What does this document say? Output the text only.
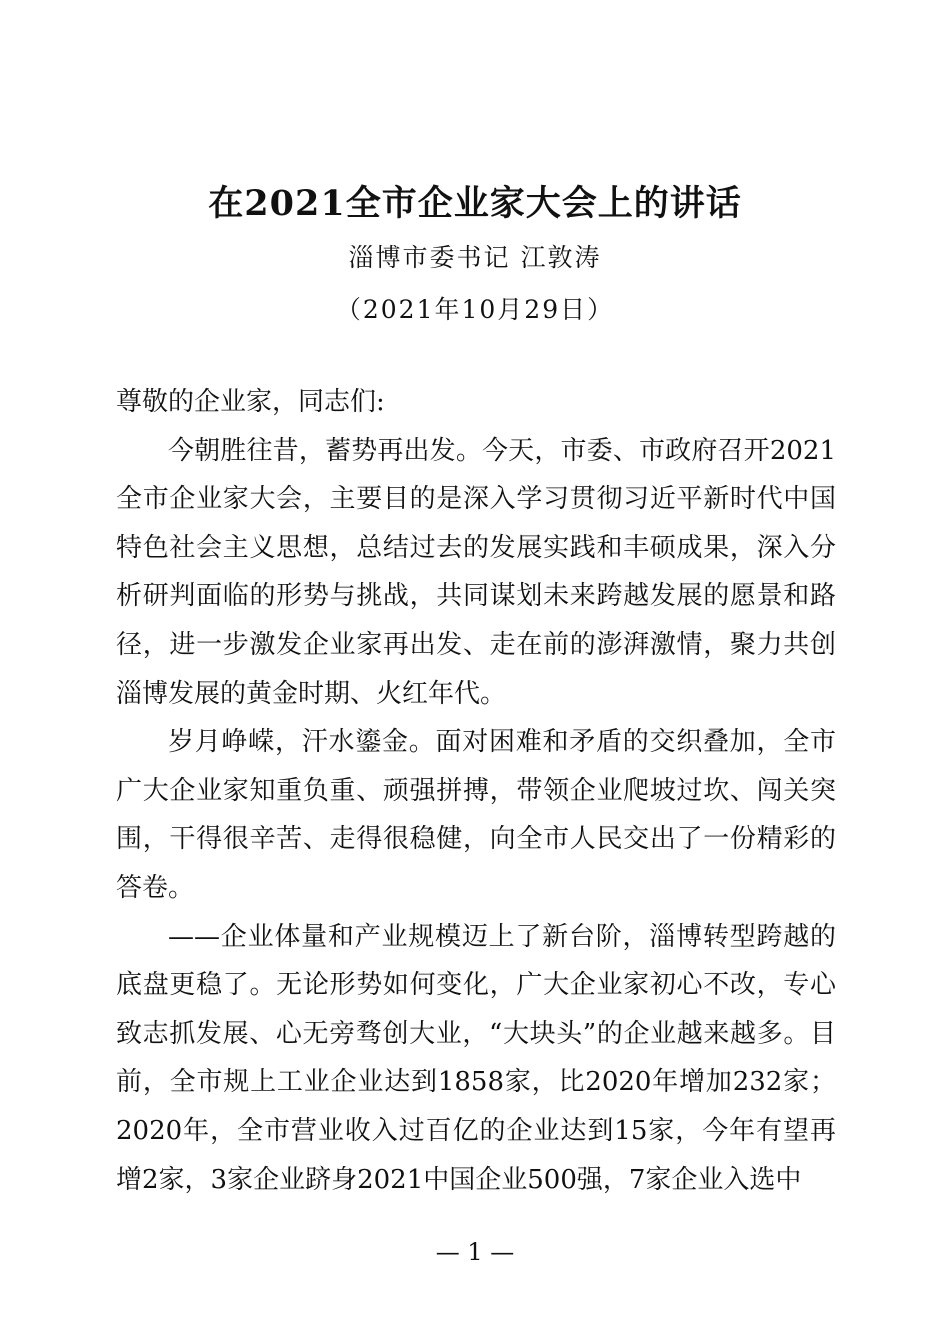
在2021全市企业家大会上的讲话
淄博市委书记 江敦涛
（2021年10月29日）

尊敬的企业家，同志们:

今朝胜往昔，蓄势再出发。今天，市委、市政府召开2021全市企业家大会，主要目的是深入学习贯彻习近平新时代中国特色社会主义思想，总结过去的发展实践和丰硕成果，深入分析研判面临的形势与挑战，共同谋划未来跨越发展的愿景和路径，进一步激发企业家再出发、走在前的澎湃激情，聚力共创淄博发展的黄金时期、火红年代。

岁月峥嵘，汗水鎏金。面对困难和矛盾的交织叠加，全市广大企业家知重负重、顽强拼搏，带领企业爬坡过坎、闯关突围，干得很辛苦、走得很稳健，向全市人民交出了一份精彩的答卷。

——企业体量和产业规模迈上了新台阶，淄博转型跨越的底盘更稳了。无论形势如何变化，广大企业家初心不改，专心致志抓发展、心无旁骛创大业，“大块头”的企业越来越多。目前，全市规上工业企业达到1858家，比2020年增加232家；2020年，全市营业收入过百亿的企业达到15家，今年有望再增2家，3家企业跻身2021中国企业500强，7家企业入选中

— 1 —
